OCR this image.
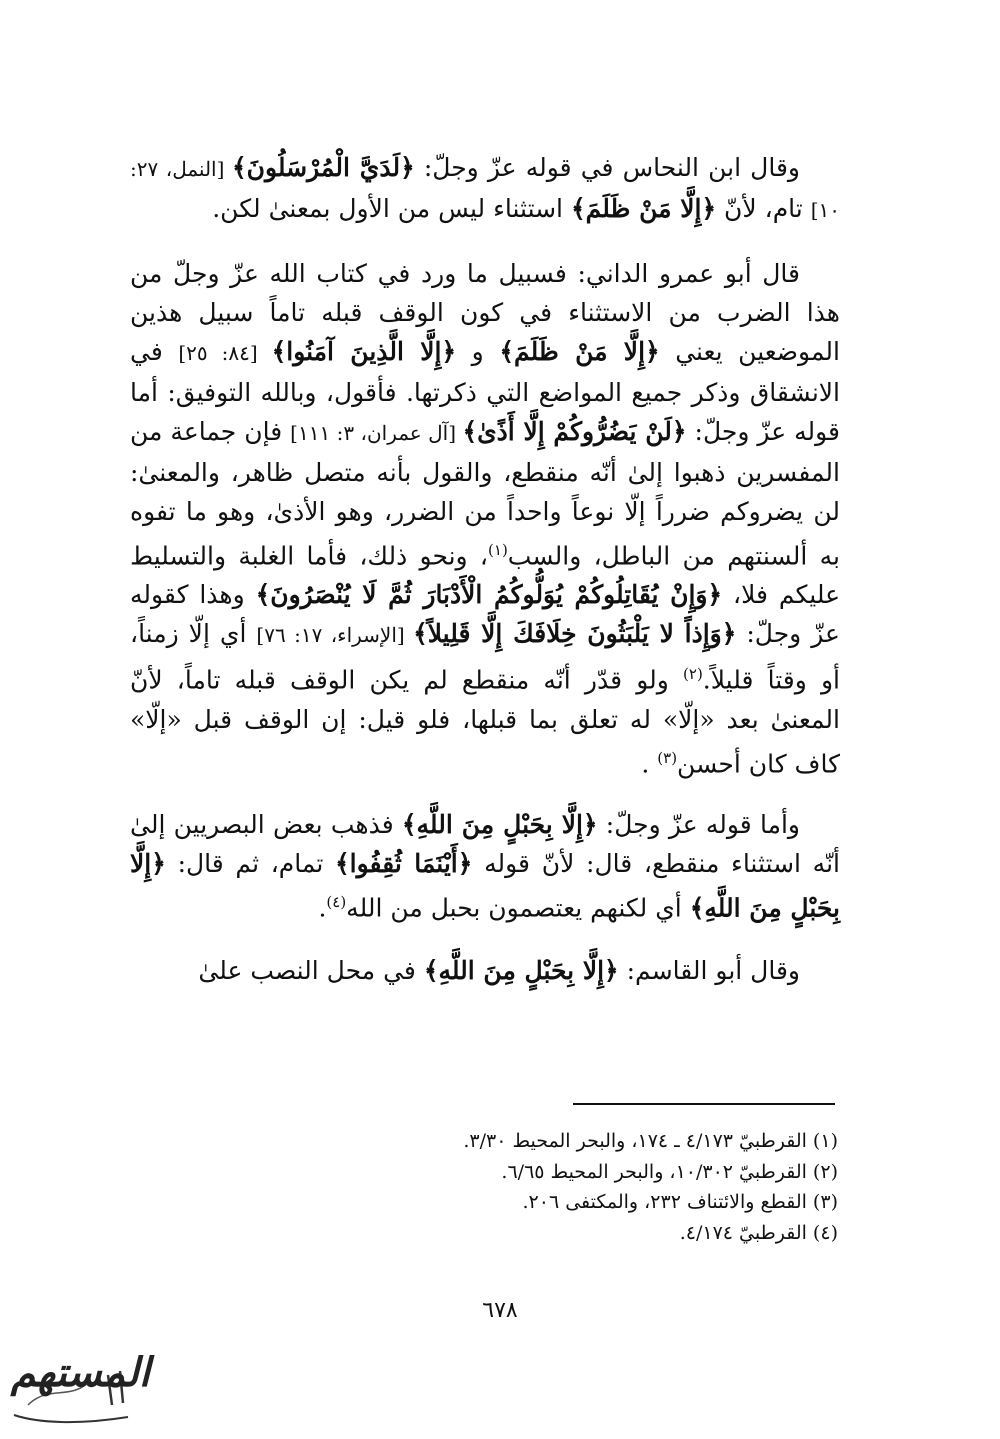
وقال ابن النحاس في قوله عزّ وجلّ: ﴿لَدَيَّ الْمُرْسَلُونَ﴾ [النمل، ٢٧: ١٠] تام، لأنّ ﴿إِلَّا مَنْ ظَلَمَ﴾ استثناء ليس من الأول بمعنىٰ لكن.

قال أبو عمرو الداني: فسبيل ما ورد في كتاب الله عزّ وجلّ من هذا الضرب من الاستثناء في كون الوقف قبله تاماً سبيل هذين الموضعين يعني ﴿إِلَّا مَنْ ظَلَمَ﴾ و ﴿إِلَّا الَّذِينَ آمَنُوا﴾ [٨٤: ٢٥] في الانشقاق وذكر جميع المواضع التي ذكرتها. فأقول، وبالله التوفيق: أما قوله عزّ وجلّ: ﴿لَنْ يَضُرُّوكُمْ إِلَّا أَذًىٰ﴾ [آل عمران، ٣: ١١١] فإن جماعة من المفسرين ذهبوا إلىٰ أنّه منقطع، والقول بأنه متصل ظاهر، والمعنىٰ: لن يضروكم ضرراً إلّا نوعاً واحداً من الضرر، وهو الأذىٰ، وهو ما تفوه به ألسنتهم من الباطل، والسب$^{(١)}$، ونحو ذلك، فأما الغلبة والتسليط عليكم فلا، ﴿وَإِنْ يُقَاتِلُوكُمْ يُوَلُّوكُمُ الْأَدْبَارَ ثُمَّ لَا يُنْصَرُونَ﴾ وهذا كقوله عزّ وجلّ: ﴿وَإِذاً لا يَلْبَثُونَ خِلَافَكَ إِلَّا قَلِيلاً﴾ [الإسراء، ١٧: ٧٦] أي إلّا زمناً، أو وقتاً قليلاً.$^{(٢)}$ ولو قدّر أنّه منقطع لم يكن الوقف قبله تاماً، لأنّ المعنىٰ بعد «إلّا» له تعلق بما قبلها، فلو قيل: إن الوقف قبل «إلّا» كاف كان أحسن$^{(٣)}$ .

وأما قوله عزّ وجلّ: ﴿إِلَّا بِحَبْلٍ مِنَ اللَّهِ﴾ فذهب بعض البصريين إلىٰ أنّه استثناء منقطع، قال: لأنّ قوله ﴿أَيْنَمَا ثُقِفُوا﴾ تمام، ثم قال: ﴿إِلَّا بِحَبْلٍ مِنَ اللَّهِ﴾ أي لكنهم يعتصمون بحبل من الله$^{(٤)}$.

وقال أبو القاسم: ﴿إِلَّا بِحَبْلٍ مِنَ اللَّهِ﴾ في محل النصب علىٰ

(١) القرطبيّ ٤/١٧٣ ـ ١٧٤، والبحر المحيط ٣/٣٠.

(٢) القرطبيّ ١٠/٣٠٢، والبحر المحيط ٦/٦٥.

(٣) القطع والائتناف ٢٣٢، والمكتفى ٢٠٦.

(٤) القرطبيّ ٤/١٧٤.

٦٧٨
المستهم
